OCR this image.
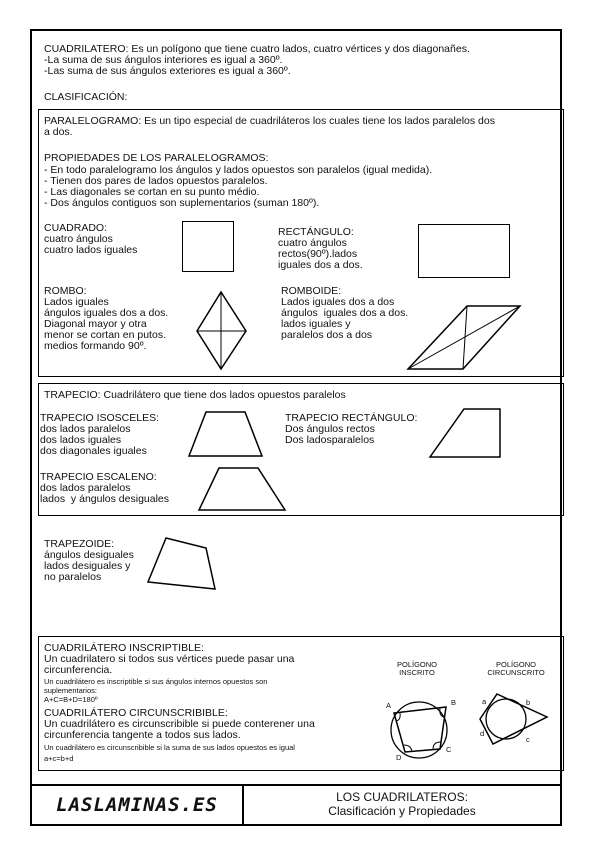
CUADRILATERO: Es un polígono que tiene cuatro lados, cuatro vértices y dos diagonañes.
-La suma de sus ángulos interiores es igual a 360º.
-Las suma de sus ángulos exteriores es igual a 360º.
CLASIFICACIÓN:
PARALELOGRAMO: Es un tipo especial de cuadriláteros los cuales tiene los lados paralelos dos
a dos.
PROPIEDADES DE LOS PARALELOGRAMOS:
- En todo paralelogramo los ángulos y lados opuestos son paralelos (igual medida).
- Tienen dos pares de lados opuestos paralelos.
- Las diagonales se cortan en su punto médio.
- Dos ángulos contiguos son suplementarios (suman 180º).
CUADRADO:
cuatro ángulos
cuatro lados iguales
RECTÁNGULO:
cuatro ángulos
rectos(90º).lados
iguales dos a dos.
ROMBO:
Lados iguales
ángulos iguales dos a dos.
Diagonal mayor y otra
menor se cortan en putos.
medios formando 90º.
ROMBOIDE:
Lados iguales dos a dos
ángulos  iguales dos a dos.
lados iguales y
paralelos dos a dos
TRAPECIO: Cuadrilátero que tiene dos lados opuestos paralelos
TRAPECIO ISOSCELES:
dos lados paralelos
dos lados iguales
dos diagonales iguales
TRAPECIO RECTÁNGULO:
Dos ángulos rectos
Dos ladosparalelos
TRAPECIO ESCALENO:
dos lados paralelos
lados  y ángulos desiguales
TRAPEZOIDE:
ángulos desiguales
lados desiguales y
no paralelos
CUADRILÁTERO INSCRIPTIBLE:
Un cuadrilatero si todos sus vértices puede pasar una
circunferencia.
Un cuadrilátero es inscriptible si sus ángulos internos opuestos son
suplementarios:
A+C=B+D=180º
CUADRILÁTERO CIRCUNSCRIBIBLE:
Un cuadrilátero es circunscribible si puede conterener una
circunferencia tangente a todos sus lados.
Un cuadrilátero es circunscribible si la suma de sus lados opuestos es igual
a+c=b+d
POLÍGONO
INSCRITO
POLÍGONO
CIRCUNSCRITO
A	B
C
D
a	b
c
d
LASLAMINAS.ES	LOS CUADRILATEROS:
Clasificación y Propiedades
